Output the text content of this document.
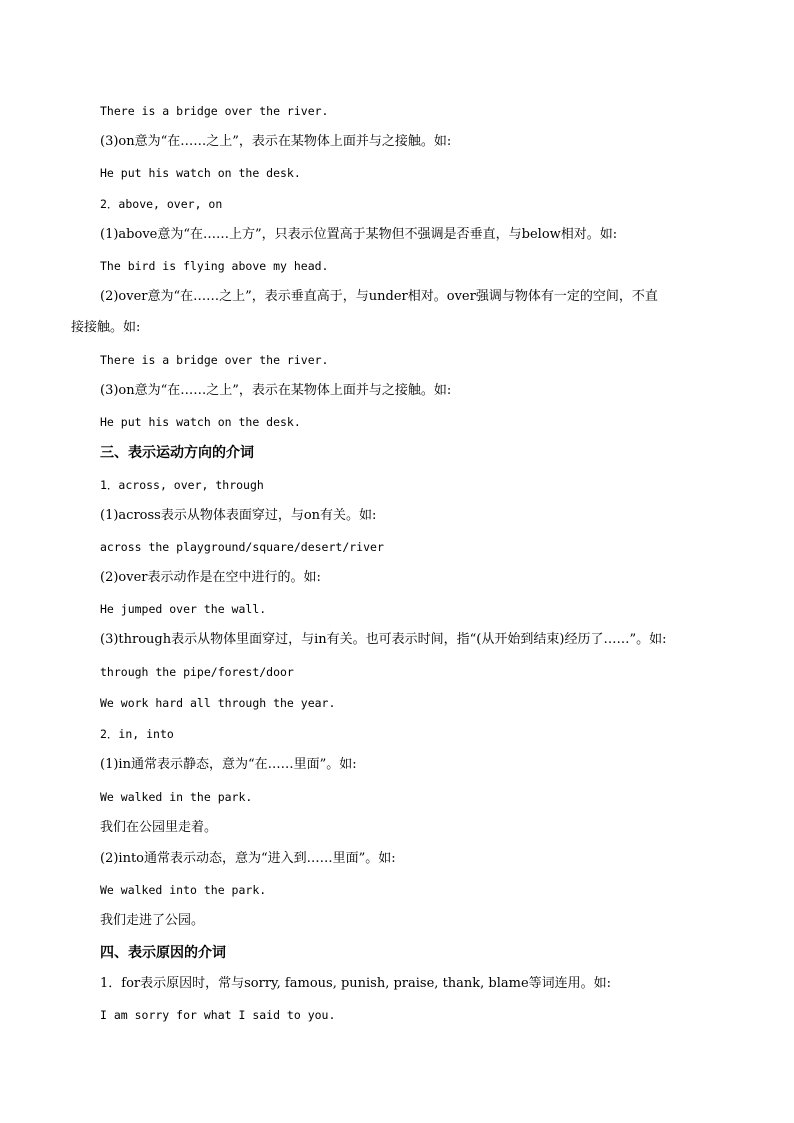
There is a bridge over the river.
(3)on意为“在……之上”，表示在某物体上面并与之接触。如:
He put his watch on the desk.
2．above, over, on
(1)above意为“在……上方”，只表示位置高于某物但不强调是否垂直，与below相对。如:
The bird is flying above my head.
(2)over意为“在……之上”，表示垂直高于，与under相对。over强调与物体有一定的空间，不直
接接触。如:
There is a bridge over the river.
(3)on意为“在……之上”，表示在某物体上面并与之接触。如:
He put his watch on the desk.
三、表示运动方向的介词
1．across, over, through
(1)across表示从物体表面穿过，与on有关。如:
across the playground/square/desert/river
(2)over表示动作是在空中进行的。如:
He jumped over the wall.
(3)through表示从物体里面穿过，与in有关。也可表示时间，指“(从开始到结束)经历了……”。如:
through the pipe/forest/door
We work hard all through the year.
2．in, into
(1)in通常表示静态，意为“在……里面”。如:
We walked in the park.
我们在公园里走着。
(2)into通常表示动态，意为“进入到……里面”。如:
We walked into the park.
我们走进了公园。
四、表示原因的介词
1．for表示原因时，常与sorry, famous, punish, praise, thank, blame等词连用。如:
I am sorry for what I said to you.
